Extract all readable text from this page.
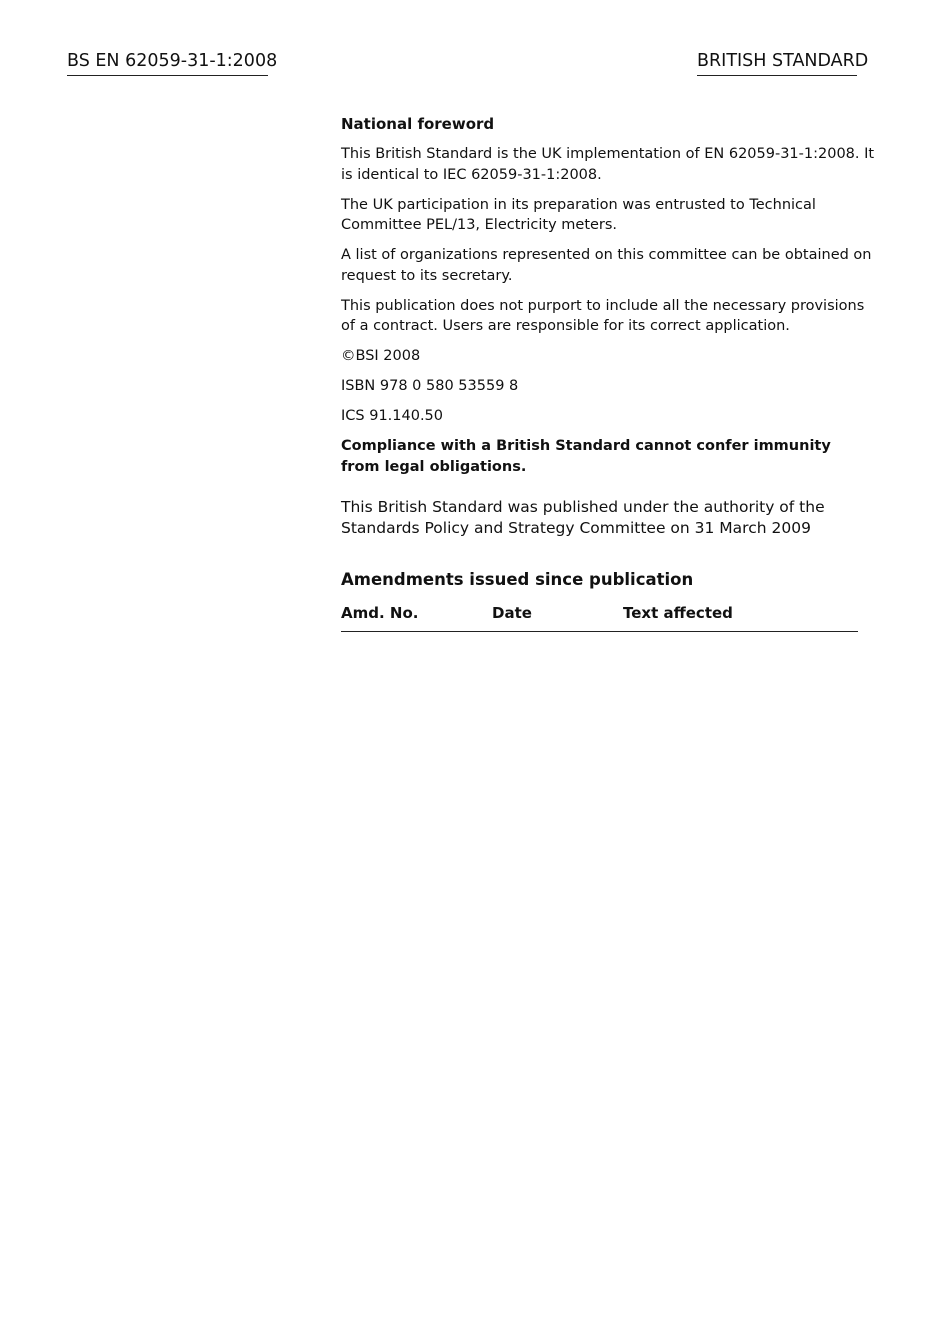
BS EN 62059-31-1:2008	BRITISH STANDARD
National foreword

This British Standard is the UK implementation of EN 62059-31-1:2008. It is identical to IEC 62059-31-1:2008.

The UK participation in its preparation was entrusted to Technical Committee PEL/13, Electricity meters.

A list of organizations represented on this committee can be obtained on request to its secretary.

This publication does not purport to include all the necessary provisions of a contract. Users are responsible for its correct application.

©BSI 2008

ISBN 978 0 580 53559 8

ICS 91.140.50

Compliance with a British Standard cannot confer immunity from legal obligations.

This British Standard was published under the authority of the Standards Policy and Strategy Committee on 31 March 2009

Amendments issued since publication
Amd. No.	Date	Text affected
